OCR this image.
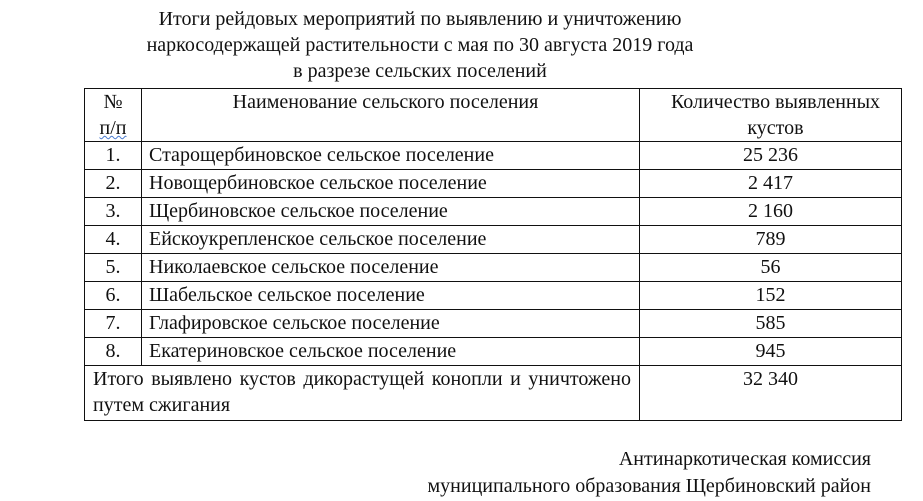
Итоги рейдовых мероприятий по выявлению и уничтожению
наркосодержащей растительности с мая по 30 августа 2019 года
в разрезе сельских поселений
№
п/п	Наименование сельского поселения	Количество выявленных кустов
1.	Старощербиновское сельское поселение	25 236
2.	Новощербиновское сельское поселение	2 417
3.	Щербиновское сельское поселение	2 160
4.	Ейскоукрепленское сельское поселение	789
5.	Николаевское сельское поселение	56
6.	Шабельское сельское поселение	152
7.	Глафировское сельское поселение	585
8.	Екатериновское сельское поселение	945
Итого выявлено кустов дикорастущей конопли и уничтожено путем сжигания		32 340
Антинаркотическая комиссия
муниципального образования Щербиновский район
